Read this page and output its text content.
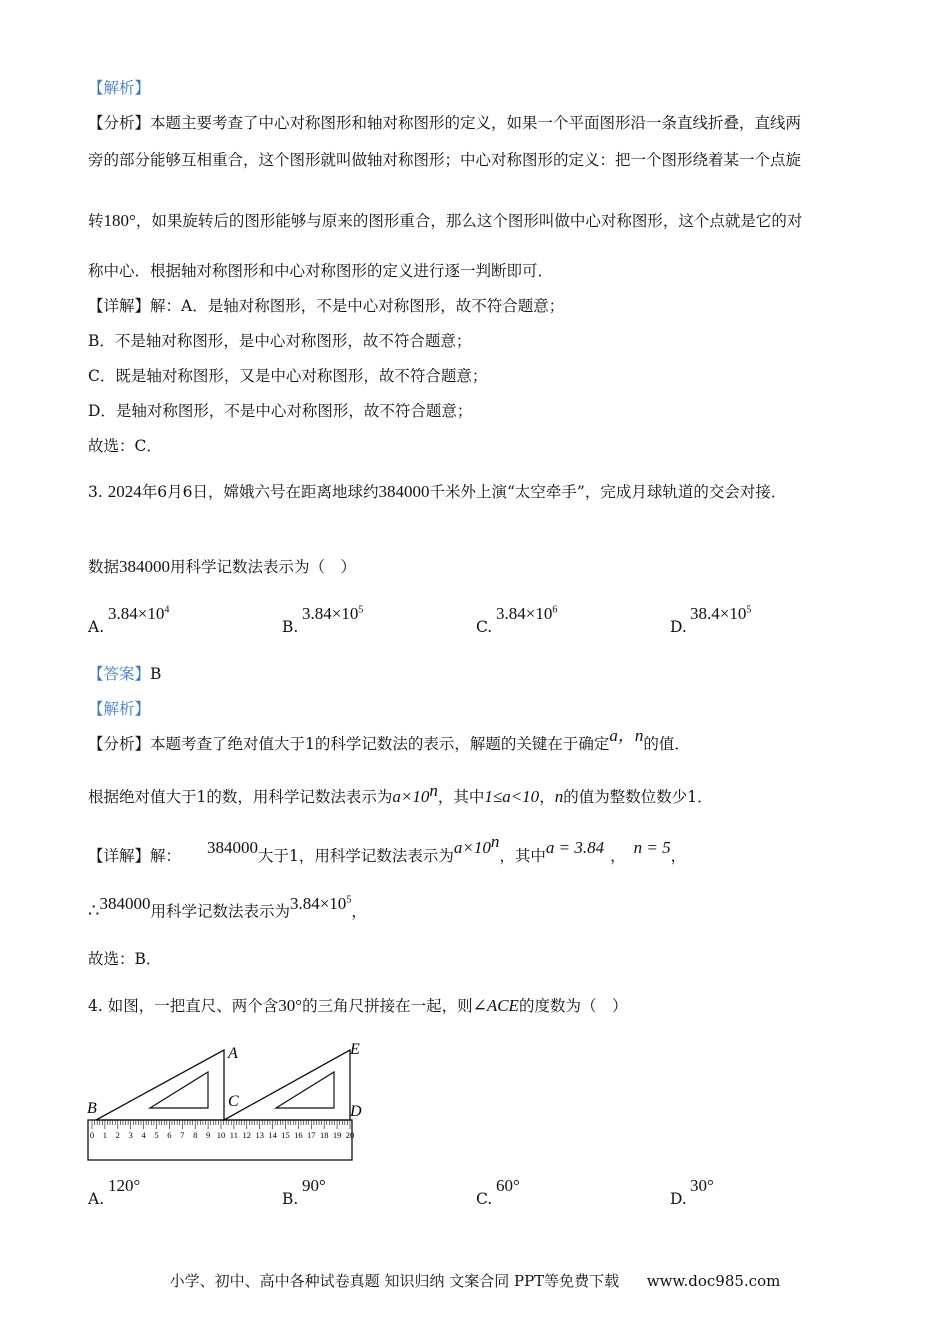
【解析】
【分析】本题主要考查了中心对称图形和轴对称图形的定义，如果一个平面图形沿一条直线折叠，直线两
旁的部分能够互相重合，这个图形就叫做轴对称图形；中心对称图形的定义：把一个图形绕着某一个点旋
转180°，如果旋转后的图形能够与原来的图形重合，那么这个图形叫做中心对称图形，这个点就是它的对
称中心．根据轴对称图形和中心对称图形的定义进行逐一判断即可．
【详解】解：A．是轴对称图形，不是中心对称图形，故不符合题意；
B．不是轴对称图形，是中心对称图形，故不符合题意；
C．既是轴对称图形，又是中心对称图形，故不符合题意；
D．是轴对称图形，不是中心对称图形，故不符合题意；
故选：C．
3. 2024年6月6日，嫦娥六号在距离地球约384000千米外上演“太空牵手”，完成月球轨道的交会对接．
数据384000用科学记数法表示为（　）
A.
$3.84\times 10^4$
B.
$3.84\times 10^5$
C.
$3.84\times 10^6$
D.
$38.4\times 10^5$
【答案】B
【解析】
【分析】本题考查了绝对值大于1的科学记数法的表示，解题的关键在于确定a，n的值．
根据绝对值大于1的数，用科学记数法表示为$a\times 10^n$，其中1≤a<10，n的值为整数位数少1．
【详解】解： 384000大于1，用科学记数法表示为$a\times 10^n$，其中a = 3.84 ， n = 5，
∴384000用科学记数法表示为$3.84\times 10^5$，
故选：B．
4. 如图，一把直尺、两个含30°的三角尺拼接在一起，则∠ACE的度数为（　）
0 1 2 3 4 5 6 7 8 9 10 11 12 13 14 15 16 17 18 19 20
A
B	C
D
E
A.
120°
B.
90°
C.
60°
D.
30°
小学、初中、高中各种试卷真题 知识归纳 文案合同 PPT等免费下载 www.doc985.com
